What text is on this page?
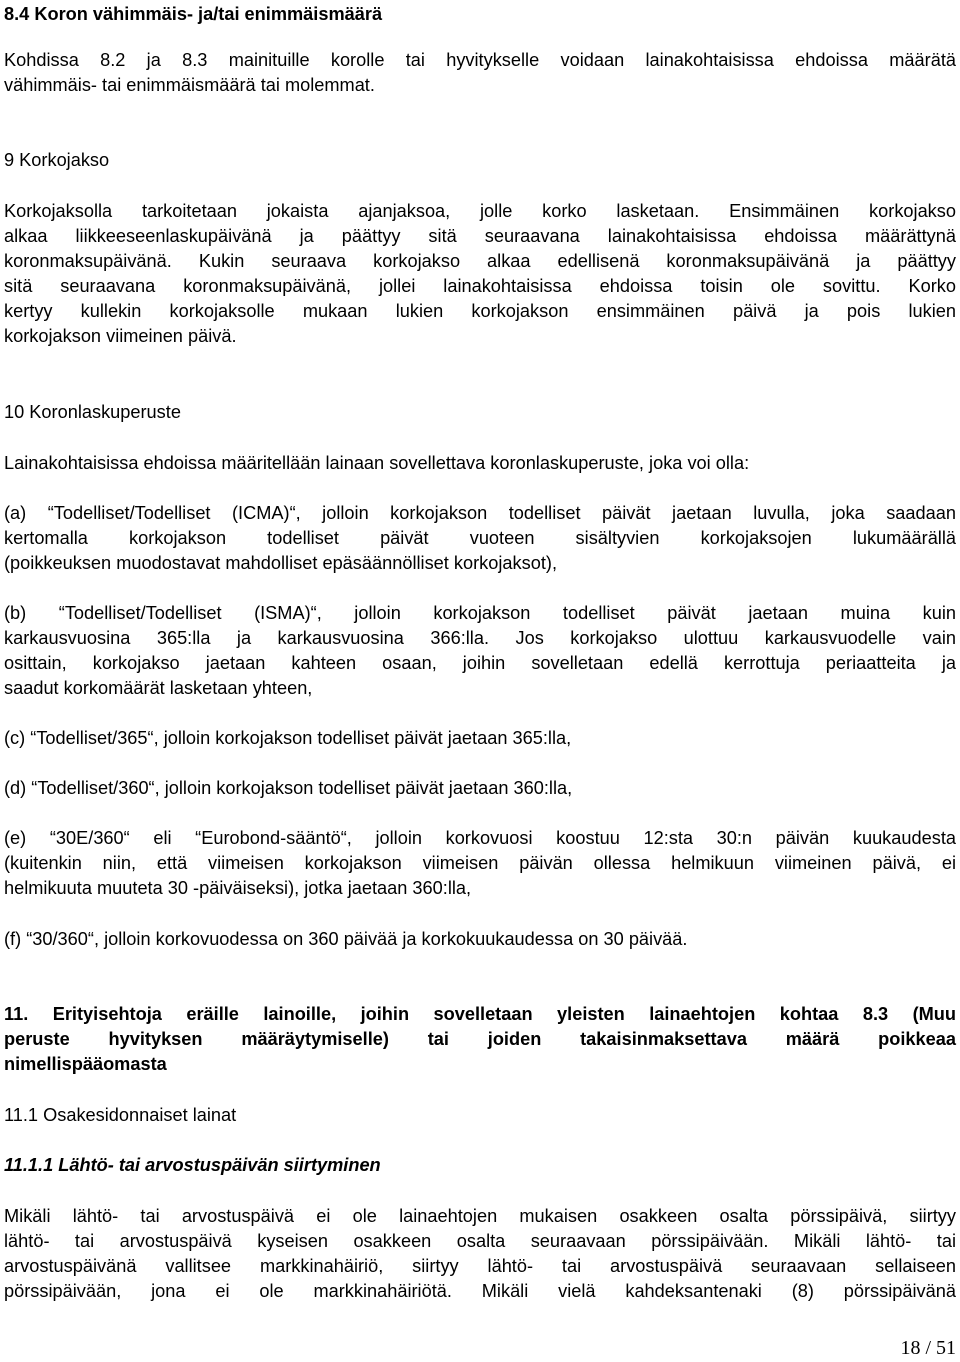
8.4 Koron vähimmäis- ja/tai enimmäismäärä
Kohdissa 8.2 ja 8.3 mainituille korolle tai hyvitykselle voidaan lainakohtaisissa ehdoissa määrätä
vähimmäis- tai enimmäismäärä tai molemmat.
9 Korkojakso
Korkojaksolla tarkoitetaan jokaista ajanjaksoa, jolle korko lasketaan. Ensimmäinen korkojakso
alkaa liikkeeseenlaskupäivänä ja päättyy sitä seuraavana lainakohtaisissa ehdoissa määrättynä
koronmaksupäivänä. Kukin seuraava korkojakso alkaa edellisenä koronmaksupäivänä ja päättyy
sitä seuraavana koronmaksupäivänä, jollei lainakohtaisissa ehdoissa toisin ole sovittu. Korko
kertyy kullekin korkojaksolle mukaan lukien korkojakson ensimmäinen päivä ja pois lukien
korkojakson viimeinen päivä.
10 Koronlaskuperuste
Lainakohtaisissa ehdoissa määritellään lainaan sovellettava koronlaskuperuste, joka voi olla:
(a) “Todelliset/Todelliset (ICMA)“, jolloin korkojakson todelliset päivät jaetaan luvulla, joka saadaan
kertomalla korkojakson todelliset päivät vuoteen sisältyvien korkojaksojen lukumäärällä
(poikkeuksen muodostavat mahdolliset epäsäännölliset korkojaksot),
(b) “Todelliset/Todelliset (ISMA)“, jolloin korkojakson todelliset päivät jaetaan muina kuin
karkausvuosina 365:lla ja karkausvuosina 366:lla. Jos korkojakso ulottuu karkausvuodelle vain
osittain, korkojakso jaetaan kahteen osaan, joihin sovelletaan edellä kerrottuja periaatteita ja
saadut korkomäärät lasketaan yhteen,
(c) “Todelliset/365“, jolloin korkojakson todelliset päivät jaetaan 365:lla,
(d) “Todelliset/360“, jolloin korkojakson todelliset päivät jaetaan 360:lla,
(e) “30E/360“ eli “Eurobond-sääntö“, jolloin korkovuosi koostuu 12:sta 30:n päivän kuukaudesta
(kuitenkin niin, että viimeisen korkojakson viimeisen päivän ollessa helmikuun viimeinen päivä, ei
helmikuuta muuteta 30 -päiväiseksi), jotka jaetaan 360:lla,
(f) “30/360“, jolloin korkovuodessa on 360 päivää ja korkokuukaudessa on 30 päivää.
11. Erityisehtoja eräille lainoille, joihin sovelletaan yleisten lainaehtojen kohtaa 8.3 (Muu
peruste hyvityksen määräytymiselle) tai joiden takaisinmaksettava määrä poikkeaa
nimellispääomasta
11.1 Osakesidonnaiset lainat
11.1.1 Lähtö- tai arvostuspäivän siirtyminen
Mikäli lähtö- tai arvostuspäivä ei ole lainaehtojen mukaisen osakkeen osalta pörssipäivä, siirtyy
lähtö- tai arvostuspäivä kyseisen osakkeen osalta seuraavaan pörssipäivään. Mikäli lähtö- tai
arvostuspäivänä vallitsee markkinahäiriö, siirtyy lähtö- tai arvostuspäivä seuraavaan sellaiseen
pörssipäivään, jona ei ole markkinahäiriötä. Mikäli vielä kahdeksantenaki (8) pörssipäivänä
18 / 51
